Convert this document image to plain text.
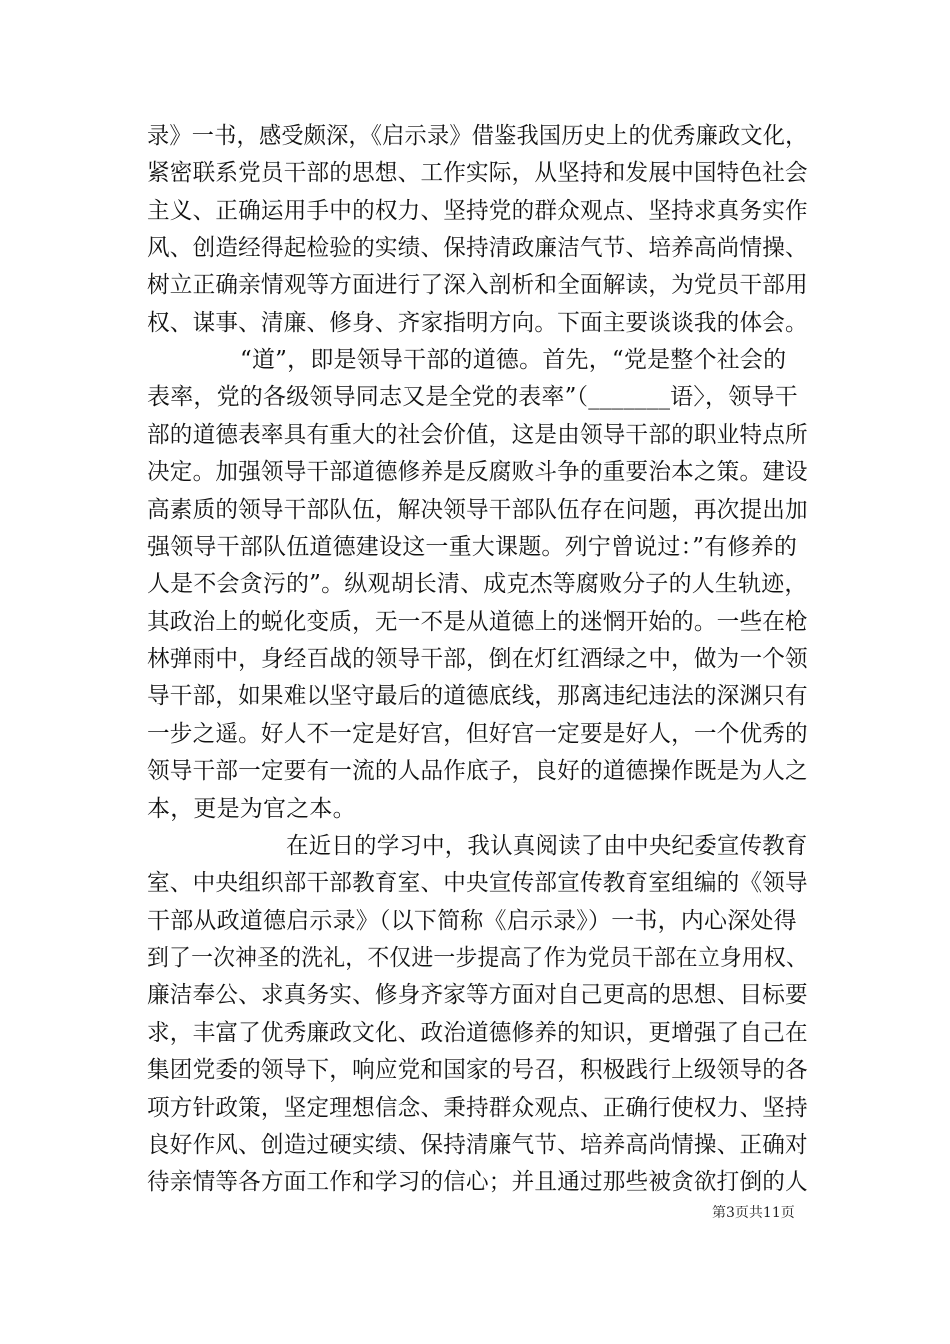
录》一书，感受颇深，《启示录》借鉴我国历史上的优秀廉政文化，
紧密联系党员干部的思想、工作实际，从坚持和发展中国特色社会
主义、正确运用手中的权力、坚持党的群众观点、坚持求真务实作
风、创造经得起检验的实绩、保持清政廉洁气节、培养高尚情操、
树立正确亲情观等方面进行了深入剖析和全面解读，为党员干部用
权、谋事、清廉、修身、齐家指明方向。下面主要谈谈我的体会。
“道”，即是领导干部的道德。首先，“党是整个社会的
表率，党的各级领导同志又是全党的表率”（_______语〉，领导干
部的道德表率具有重大的社会价值，这是由领导干部的职业特点所
决定。加强领导干部道德修养是反腐败斗争的重要治本之策。建设
高素质的领导干部队伍，解决领导干部队伍存在问题，再次提出加
强领导干部队伍道德建设这一重大课题。列宁曾说过：”有修养的
人是不会贪污的”。纵观胡长清、成克杰等腐败分子的人生轨迹，
其政治上的蜕化变质，无一不是从道德上的迷惘开始的。一些在枪
林弹雨中，身经百战的领导干部，倒在灯红酒绿之中，做为一个领
导干部，如果难以坚守最后的道德底线，那离违纪违法的深渊只有
一步之遥。好人不一定是好宫，但好宫一定要是好人，一个优秀的
领导干部一定要有一流的人品作底子，良好的道德操作既是为人之
本，更是为官之本。
在近日的学习中，我认真阅读了由中央纪委宣传教育
室、中央组织部干部教育室、中央宣传部宣传教育室组编的《领导
干部从政道德启示录》（以下简称《启示录》）一书，内心深处得
到了一次神圣的洗礼，不仅进一步提高了作为党员干部在立身用权、
廉洁奉公、求真务实、修身齐家等方面对自己更高的思想、目标要
求，丰富了优秀廉政文化、政治道德修养的知识，更增强了自己在
集团党委的领导下，响应党和国家的号召，积极践行上级领导的各
项方针政策，坚定理想信念、秉持群众观点、正确行使权力、坚持
良好作风、创造过硬实绩、保持清廉气节、培养高尚情操、正确对
待亲情等各方面工作和学习的信心；并且通过那些被贪欲打倒的人
第3页共11页
